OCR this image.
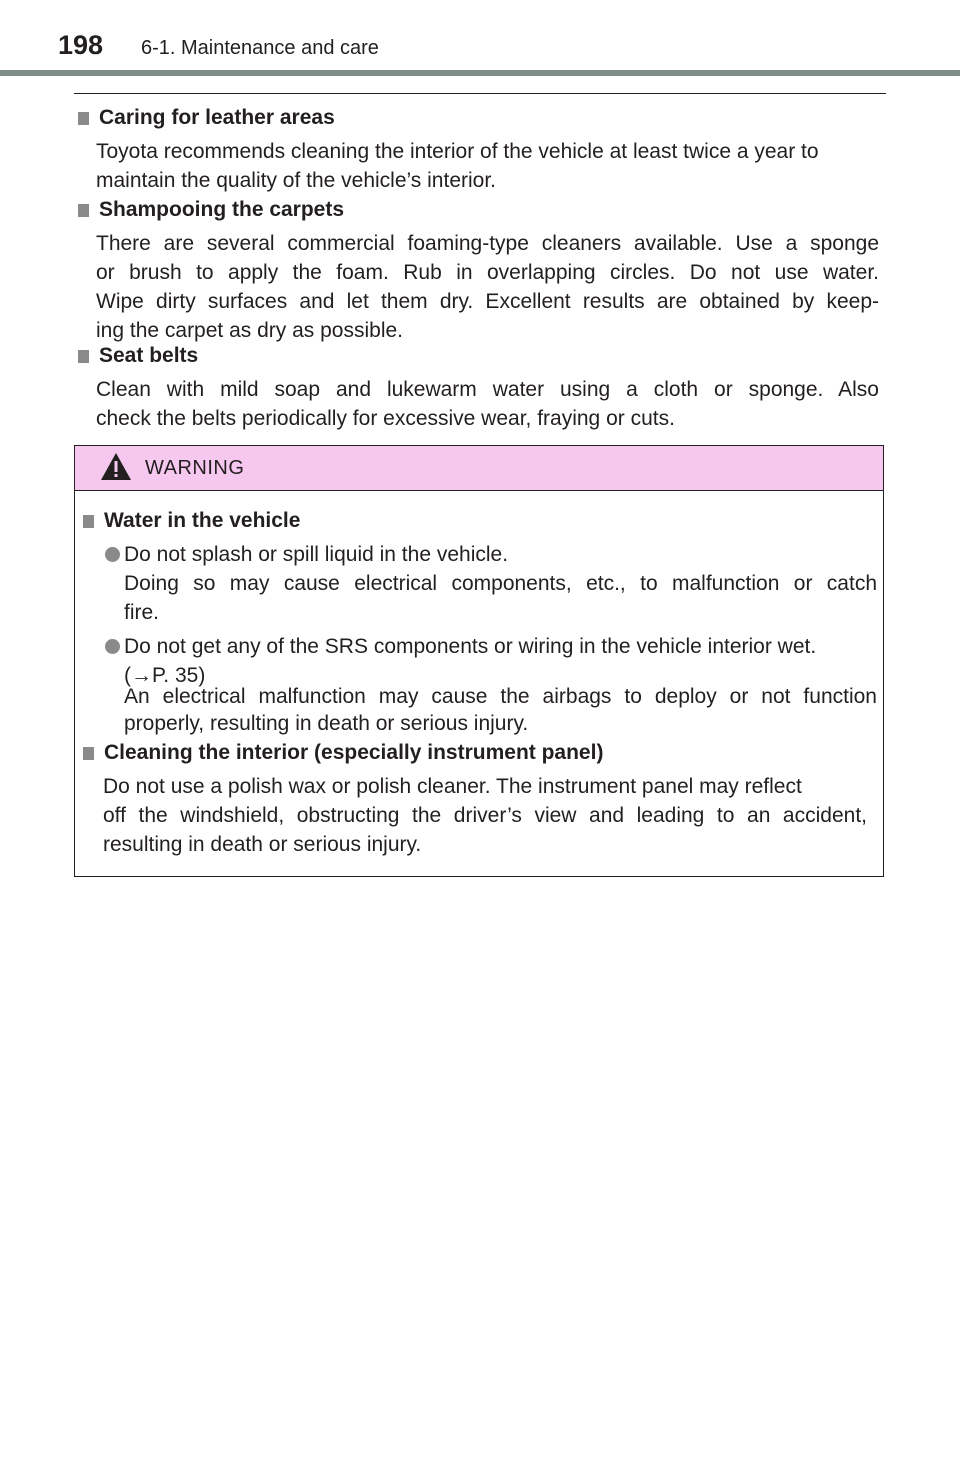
198 6-1. Maintenance and care
Caring for leather areas
Toyota recommends cleaning the interior of the vehicle at least twice a year to
maintain the quality of the vehicle’s interior.
Shampooing the carpets
There are several commercial foaming-type cleaners available. Use a sponge
or brush to apply the foam. Rub in overlapping circles. Do not use water.
Wipe dirty surfaces and let them dry. Excellent results are obtained by keep-
ing the carpet as dry as possible.
Seat belts
Clean with mild soap and lukewarm water using a cloth or sponge. Also
check the belts periodically for excessive wear, fraying or cuts.
WARNING
Water in the vehicle
Do not splash or spill liquid in the vehicle.
Doing so may cause electrical components, etc., to malfunction or catch
fire.
Do not get any of the SRS components or wiring in the vehicle interior wet.
(→P. 35)
An electrical malfunction may cause the airbags to deploy or not function
properly, resulting in death or serious injury.
Cleaning the interior (especially instrument panel)
Do not use a polish wax or polish cleaner. The instrument panel may reflect
off the windshield, obstructing the driver’s view and leading to an accident,
resulting in death or serious injury.
